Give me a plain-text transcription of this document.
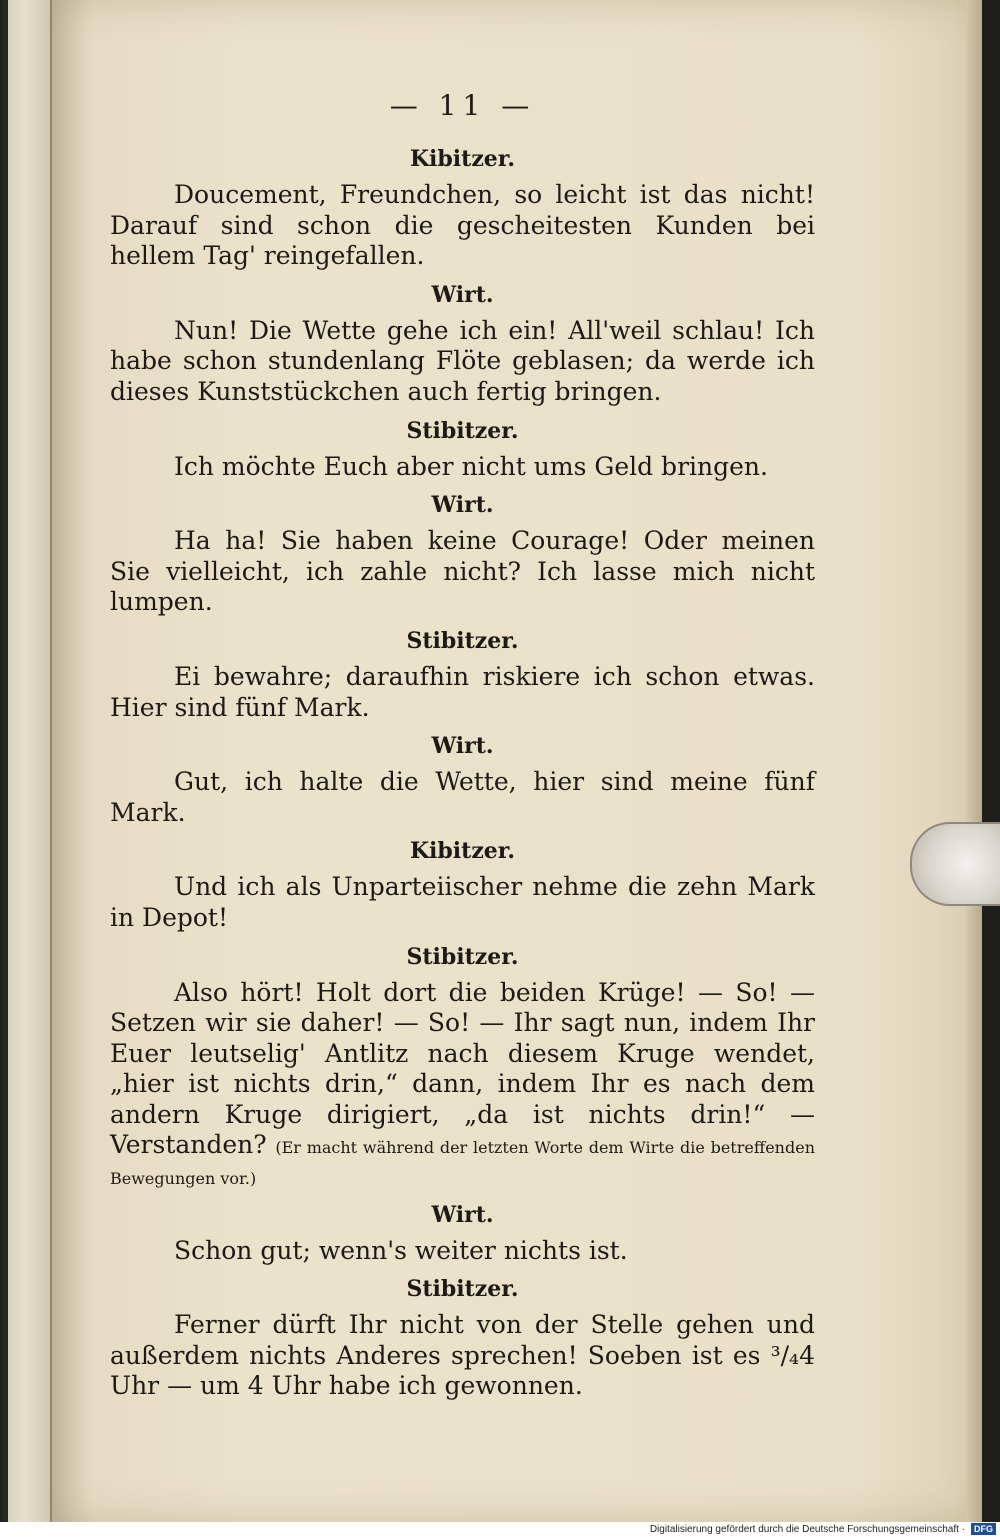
— 11 —
Kibitzer.

Doucement, Freundchen, so leicht ist das nicht! Darauf sind schon die gescheitesten Kunden bei hellem Tag' reingefallen.

Wirt.

Nun! Die Wette gehe ich ein! All'weil schlau! Ich habe schon stundenlang Flöte geblasen; da werde ich dieses Kunststückchen auch fertig bringen.

Stibitzer.

Ich möchte Euch aber nicht ums Geld bringen.

Wirt.

Ha ha! Sie haben keine Courage! Oder meinen Sie vielleicht, ich zahle nicht? Ich lasse mich nicht lumpen.

Stibitzer.

Ei bewahre; daraufhin riskiere ich schon etwas. Hier sind fünf Mark.

Wirt.

Gut, ich halte die Wette, hier sind meine fünf Mark.

Kibitzer.

Und ich als Unparteiischer nehme die zehn Mark in Depot!

Stibitzer.

Also hört! Holt dort die beiden Krüge! — So! — Setzen wir sie daher! — So! — Ihr sagt nun, indem Ihr Euer leutselig' Antlitz nach diesem Kruge wendet, „hier ist nichts drin,“ dann, indem Ihr es nach dem andern Kruge dirigiert, „da ist nichts drin!“ — Verstanden? (Er macht während der letzten Worte dem Wirte die betreffenden Bewegungen vor.)

Wirt.

Schon gut; wenn's weiter nichts ist.

Stibitzer.

Ferner dürft Ihr nicht von der Stelle gehen und außerdem nichts Anderes sprechen! Soeben ist es ³/₄4 Uhr — um 4 Uhr habe ich gewonnen.

Digitalisierung gefördert durch die Deutsche Forschungsgemeinschaft · DFG
